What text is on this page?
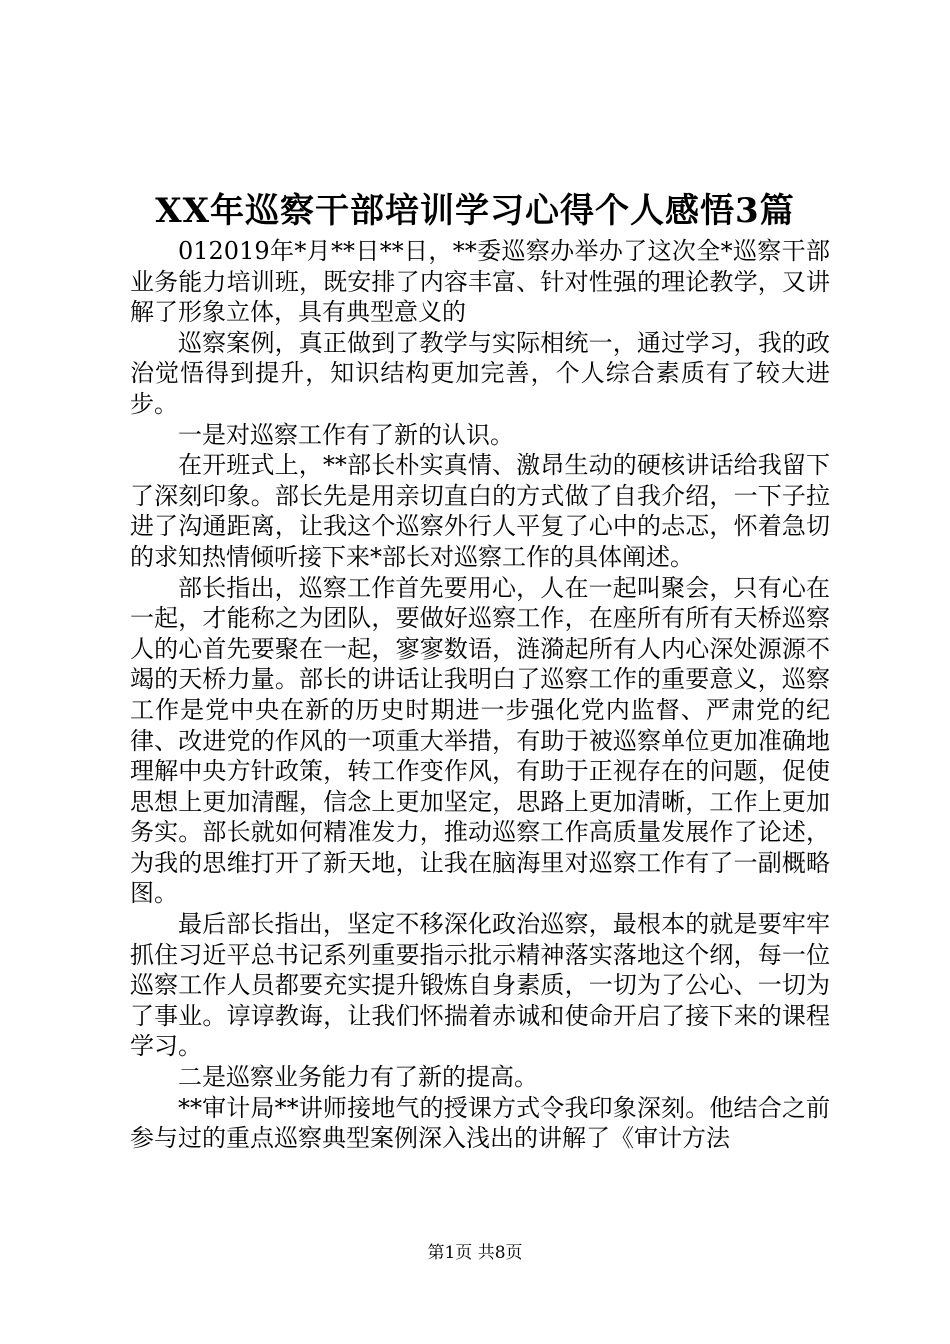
XX年巡察干部培训学习心得个人感悟3篇

012019年*月**日**日，**委巡察办举办了这次全*巡察干部业务能力培训班，既安排了内容丰富、针对性强的理论教学，又讲解了形象立体，具有典型意义的

巡察案例，真正做到了教学与实际相统一，通过学习，我的政治觉悟得到提升，知识结构更加完善，个人综合素质有了较大进步。

一是对巡察工作有了新的认识。

在开班式上，**部长朴实真情、激昂生动的硬核讲话给我留下了深刻印象。部长先是用亲切直白的方式做了自我介绍，一下子拉进了沟通距离，让我这个巡察外行人平复了心中的忐忑，怀着急切的求知热情倾听接下来*部长对巡察工作的具体阐述。

部长指出，巡察工作首先要用心，人在一起叫聚会，只有心在一起，才能称之为团队，要做好巡察工作，在座所有所有天桥巡察人的心首先要聚在一起，寥寥数语，涟漪起所有人内心深处源源不竭的天桥力量。部长的讲话让我明白了巡察工作的重要意义，巡察工作是党中央在新的历史时期进一步强化党内监督、严肃党的纪律、改进党的作风的一项重大举措，有助于被巡察单位更加准确地理解中央方针政策，转工作变作风，有助于正视存在的问题，促使思想上更加清醒，信念上更加坚定，思路上更加清晰，工作上更加务实。部长就如何精准发力，推动巡察工作高质量发展作了论述，为我的思维打开了新天地，让我在脑海里对巡察工作有了一副概略图。

最后部长指出，坚定不移深化政治巡察，最根本的就是要牢牢抓住习近平总书记系列重要指示批示精神落实落地这个纲，每一位巡察工作人员都要充实提升锻炼自身素质，一切为了公心、一切为了事业。谆谆教诲，让我们怀揣着赤诚和使命开启了接下来的课程学习。

二是巡察业务能力有了新的提高。

**审计局**讲师接地气的授课方式令我印象深刻。他结合之前参与过的重点巡察典型案例深入浅出的讲解了《审计方法

第1页 共8页
